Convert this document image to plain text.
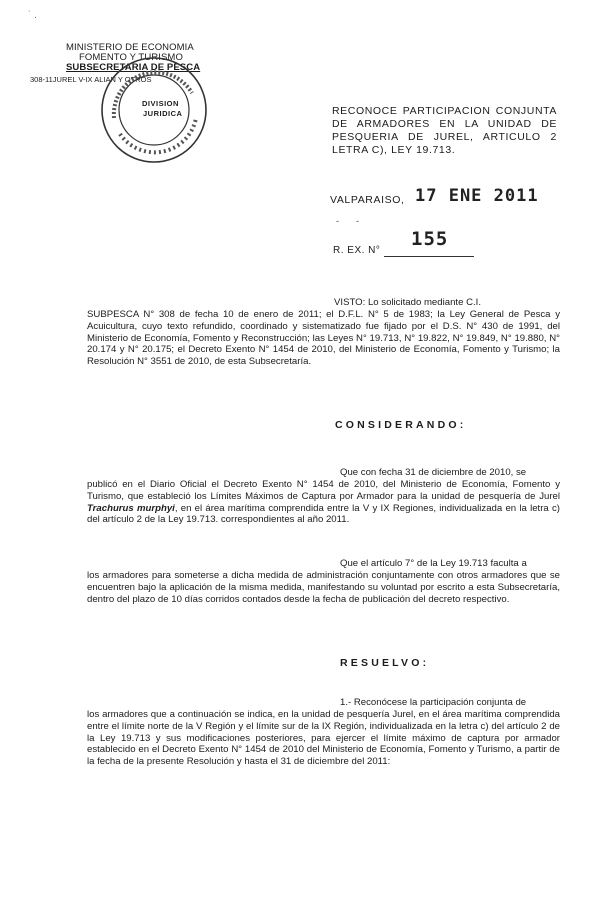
˙ .
MINISTERIO DE ECONOMIA
FOMENTO Y TURISMO
SUBSECRETARIA DE PESCA
308-11JUREL V-IX ALIAN Y OTROS
DIVISION
JURIDICA	RECONOCE PARTICIPACION CONJUNTA DE ARMADORES EN LA UNIDAD DE PESQUERIA DE JUREL, ARTICULO 2 LETRA C), LEY 19.713.
VALPARAISO, 17 ENE 2011
-  -
R. EX. N°
155
VISTO: Lo solicitado mediante C.I.
SUBPESCA N° 308 de fecha 10 de enero de 2011; el D.F.L. N° 5 de 1983; la Ley General de Pesca y Acuicultura, cuyo texto refundido, coordinado y sistematizado fue fijado por el D.S. N° 430 de 1991, del Ministerio de Economía, Fomento y Reconstrucción; las Leyes N° 19.713, N° 19.822, N° 19.849, N° 19.880, N° 20.174 y N° 20.175; el Decreto Exento N° 1454 de 2010, del Ministerio de Economía, Fomento y Turismo; la Resolución N° 3551 de 2010, de esta Subsecretaría.
CONSIDERANDO:
Que con fecha 31 de diciembre de 2010, se
publicó en el Diario Oficial el Decreto Exento N° 1454 de 2010, del Ministerio de Economía, Fomento y Turismo, que estableció los Límites Máximos de Captura por Armador para la unidad de pesquería de Jurel Trachurus murphyi, en el área marítima comprendida entre la V y IX Regiones, individualizada en la letra c) del artículo 2 de la Ley 19.713. correspondientes al año 2011.
Que el artículo 7° de la Ley 19.713 faculta a
los armadores para someterse a dicha medida de administración conjuntamente con otros armadores que se encuentren bajo la aplicación de la misma medida, manifestando su voluntad por escrito a esta Subsecretaría, dentro del plazo de 10 días corridos contados desde la fecha de publicación del decreto respectivo.
RESUELVO:
1.- Reconócese la participación conjunta de
los armadores que a continuación se indica, en la unidad de pesquería Jurel, en el área marítima comprendida entre el límite norte de la V Región y el límite sur de la IX Región, individualizada en la letra c) del artículo 2 de la Ley 19.713 y sus modificaciones posteriores, para ejercer el límite máximo de captura por armador establecido en el Decreto Exento N° 1454 de 2010 del Ministerio de Economía, Fomento y Turismo, a partir de la fecha de la presente Resolución y hasta el 31 de diciembre del 2011:
